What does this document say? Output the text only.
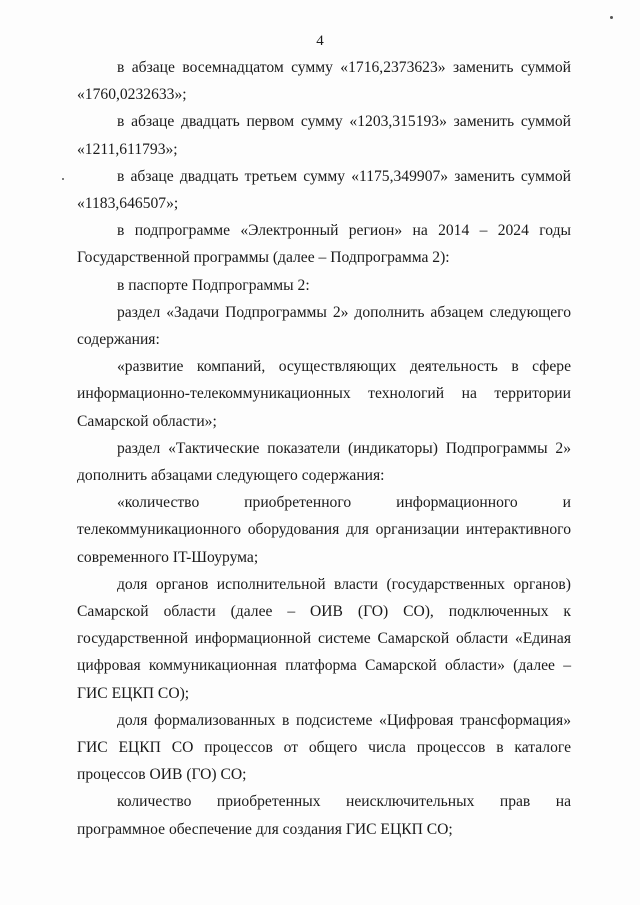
4

в абзаце восемнадцатом сумму «1716,2373623» заменить суммой «1760,0232633»;

в абзаце двадцать первом сумму «1203,315193» заменить суммой «1211,611793»;

в абзаце двадцать третьем сумму «1175,349907» заменить суммой «1183,646507»;

в подпрограмме «Электронный регион» на 2014 – 2024 годы Государственной программы (далее – Подпрограмма 2):

в паспорте Подпрограммы 2:

раздел «Задачи Подпрограммы 2» дополнить абзацем следующего содержания:

«развитие компаний, осуществляющих деятельность в сфере информационно-телекоммуникационных технологий на территории Самарской области»;

раздел «Тактические показатели (индикаторы) Подпрограммы 2» дополнить абзацами следующего содержания:

«количество приобретенного информационного и телекоммуникационного оборудования для организации интерактивного современного IT-Шоурума;

доля органов исполнительной власти (государственных органов) Самарской области (далее – ОИВ (ГО) СО), подключенных к государственной информационной системе Самарской области «Единая цифровая коммуникационная платформа Самарской области» (далее – ГИС ЕЦКП СО);

доля формализованных в подсистеме «Цифровая трансформация» ГИС ЕЦКП СО процессов от общего числа процессов в каталоге процессов ОИВ (ГО) СО;

количество приобретенных неисключительных прав на программное обеспечение для создания ГИС ЕЦКП СО;
